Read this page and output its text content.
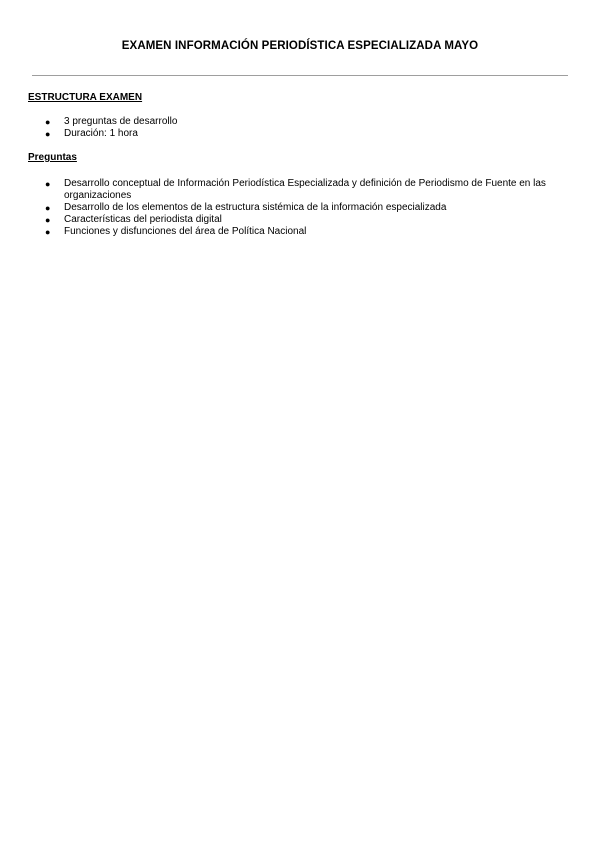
EXAMEN INFORMACIÓN PERIODÍSTICA ESPECIALIZADA MAYO
ESTRUCTURA EXAMEN
● 3 preguntas de desarrollo
● Duración: 1 hora
Preguntas
● Desarrollo conceptual de Información Periodística Especializada y definición de Periodismo de Fuente en las organizaciones
● Desarrollo de los elementos de la estructura sistémica de la información especializada
● Características del periodista digital
● Funciones y disfunciones del área de Política Nacional
